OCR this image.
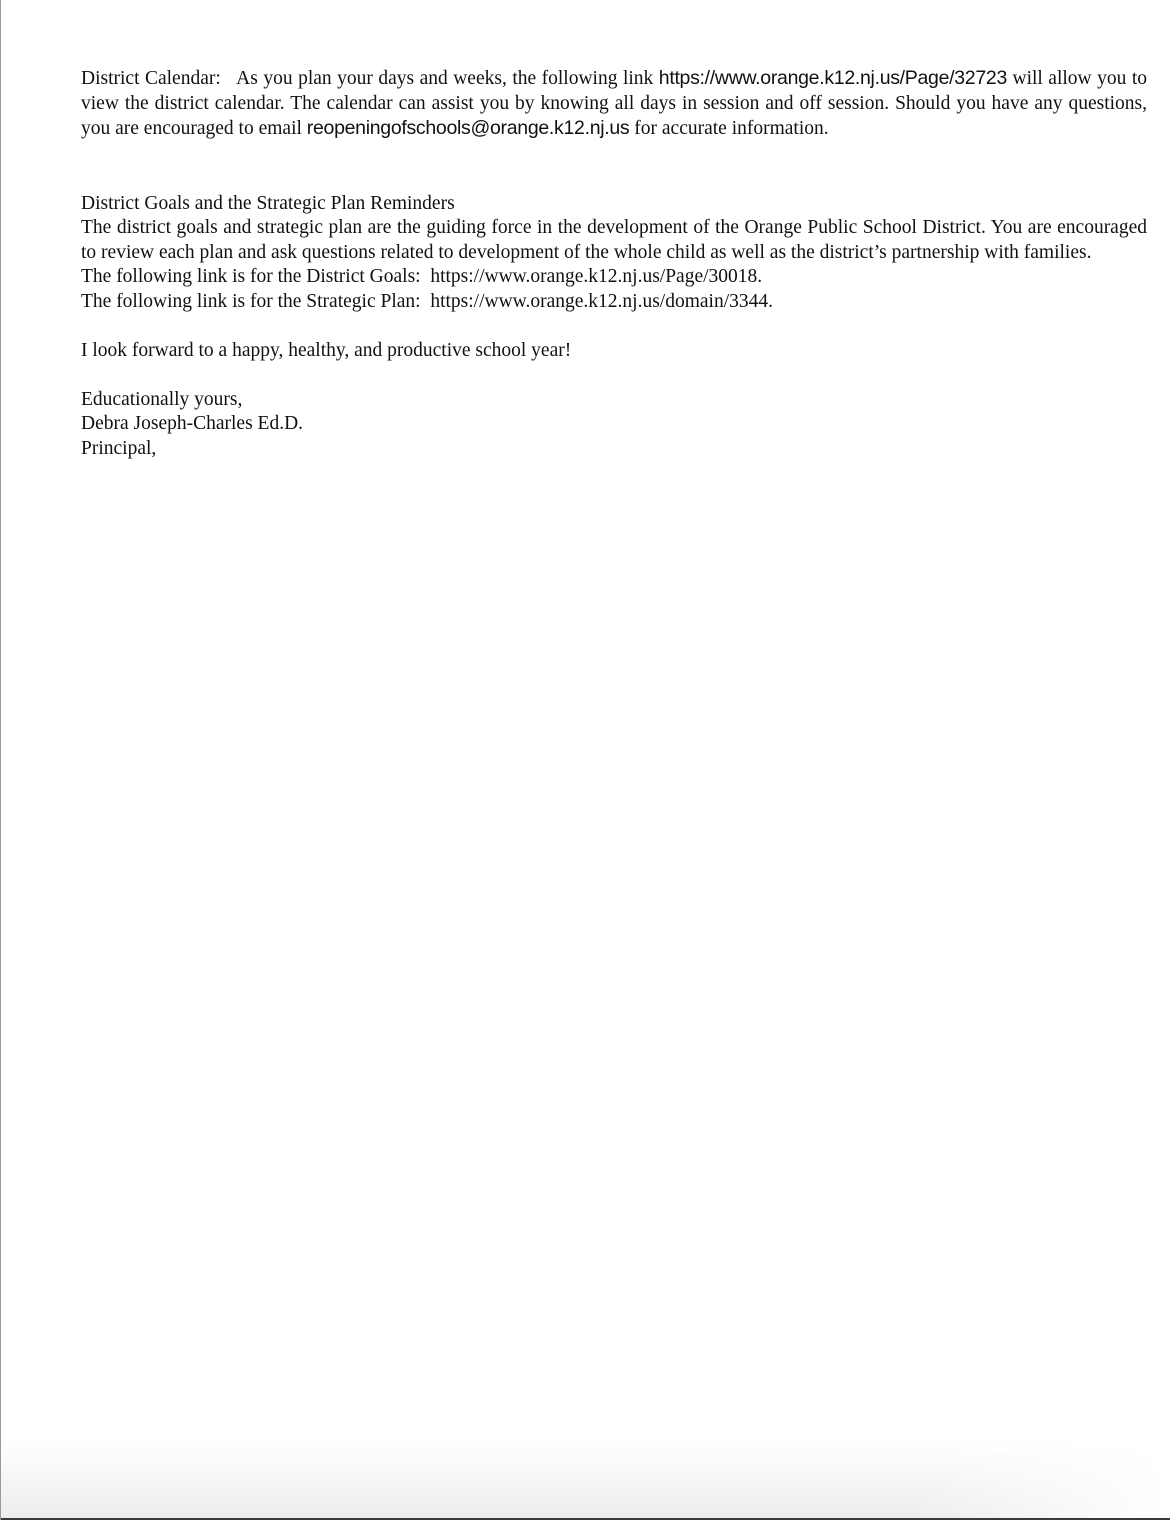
District Calendar: As you plan your days and weeks, the following link https://www.orange.k12.nj.us/Page/32723 will allow you to view the district calendar. The calendar can assist you by knowing all days in session and off session. Should you have any questions, you are encouraged to email reopeningofschools@orange.k12.nj.us for accurate information.

District Goals and the Strategic Plan Reminders

The district goals and strategic plan are the guiding force in the development of the Orange Public School District. You are encouraged to review each plan and ask questions related to development of the whole child as well as the district’s partnership with families.

The following link is for the District Goals: https://www.orange.k12.nj.us/Page/30018.

The following link is for the Strategic Plan: https://www.orange.k12.nj.us/domain/3344.

I look forward to a happy, healthy, and productive school year!

Educationally yours,

Debra Joseph-Charles Ed.D.

Principal,
